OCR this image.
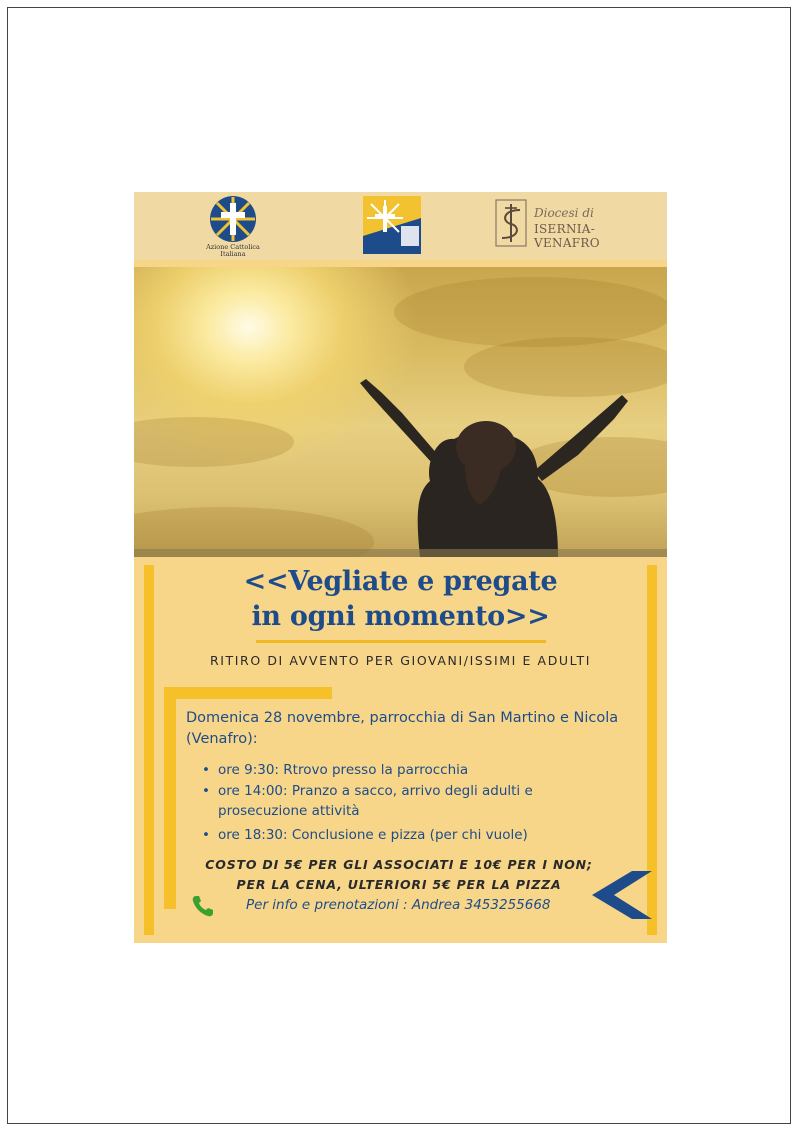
Azione Cattolica
Italiana
Diocesi di
ISERNIA-VENAFRO
<<Vegliate e pregate
in ogni momento>>
RITIRO DI AVVENTO PER GIOVANI/ISSIMI E ADULTI
Domenica 28 novembre, parrocchia di San Martino e Nicola (Venafro):
• ore 9:30: Rtrovo presso la parrocchia
• ore 14:00: Pranzo a sacco, arrivo degli adulti e prosecuzione attività
• ore 18:30: Conclusione e pizza (per chi vuole)
COSTO DI 5€ PER GLI ASSOCIATI E 10€ PER I NON;
PER LA CENA, ULTERIORI 5€ PER LA PIZZA
Per info e prenotazioni : Andrea 3453255668
